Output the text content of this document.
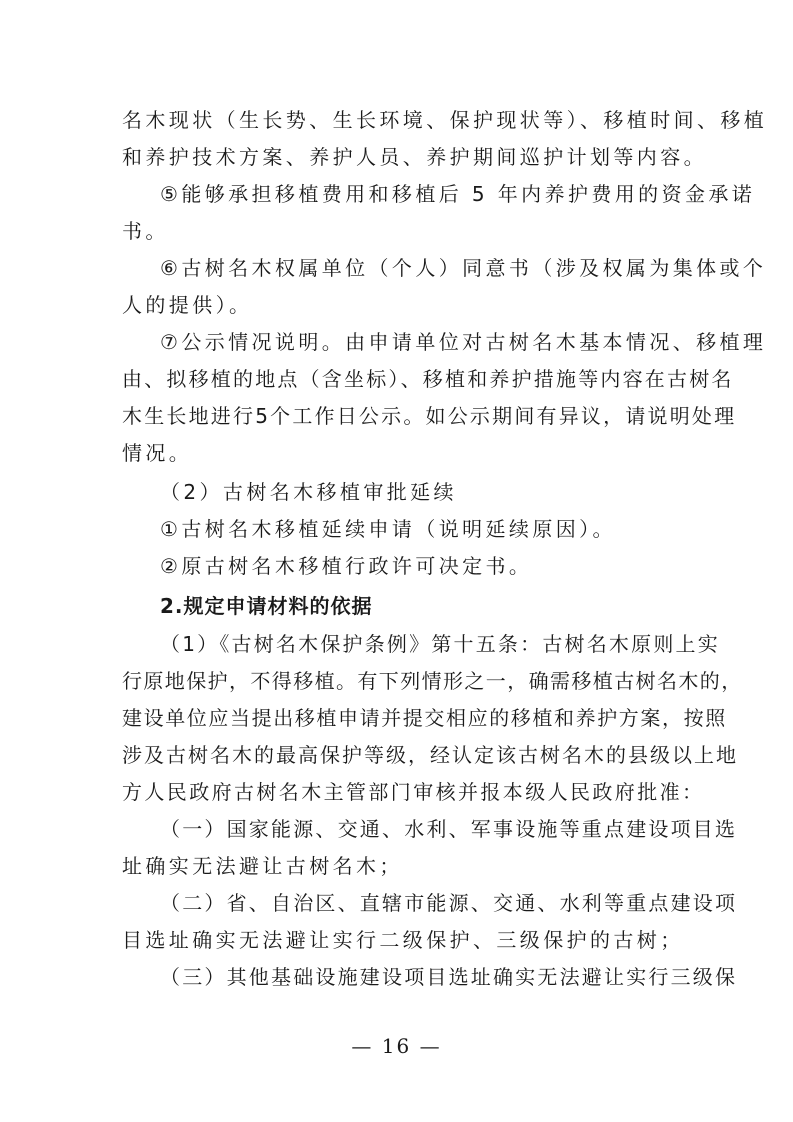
名木现状（生长势、生长环境、保护现状等）、移植时间、移植
和养护技术方案、养护人员、养护期间巡护计划等内容。
⑤能够承担移植费用和移植后 5 年内养护费用的资金承诺
书。
⑥古树名木权属单位（个人）同意书（涉及权属为集体或个
人的提供）。
⑦公示情况说明。由申请单位对古树名木基本情况、移植理
由、拟移植的地点（含坐标）、移植和养护措施等内容在古树名
木生长地进行5个工作日公示。如公示期间有异议，请说明处理
情况。
（2）古树名木移植审批延续
①古树名木移植延续申请（说明延续原因）。
②原古树名木移植行政许可决定书。
2.规定申请材料的依据
（1）《古树名木保护条例》第十五条：古树名木原则上实
行原地保护，不得移植。有下列情形之一，确需移植古树名木的，
建设单位应当提出移植申请并提交相应的移植和养护方案，按照
涉及古树名木的最高保护等级，经认定该古树名木的县级以上地
方人民政府古树名木主管部门审核并报本级人民政府批准：
（一）国家能源、交通、水利、军事设施等重点建设项目选
址确实无法避让古树名木；
（二）省、自治区、直辖市能源、交通、水利等重点建设项
目选址确实无法避让实行二级保护、三级保护的古树；
（三）其他基础设施建设项目选址确实无法避让实行三级保
— 16 —
